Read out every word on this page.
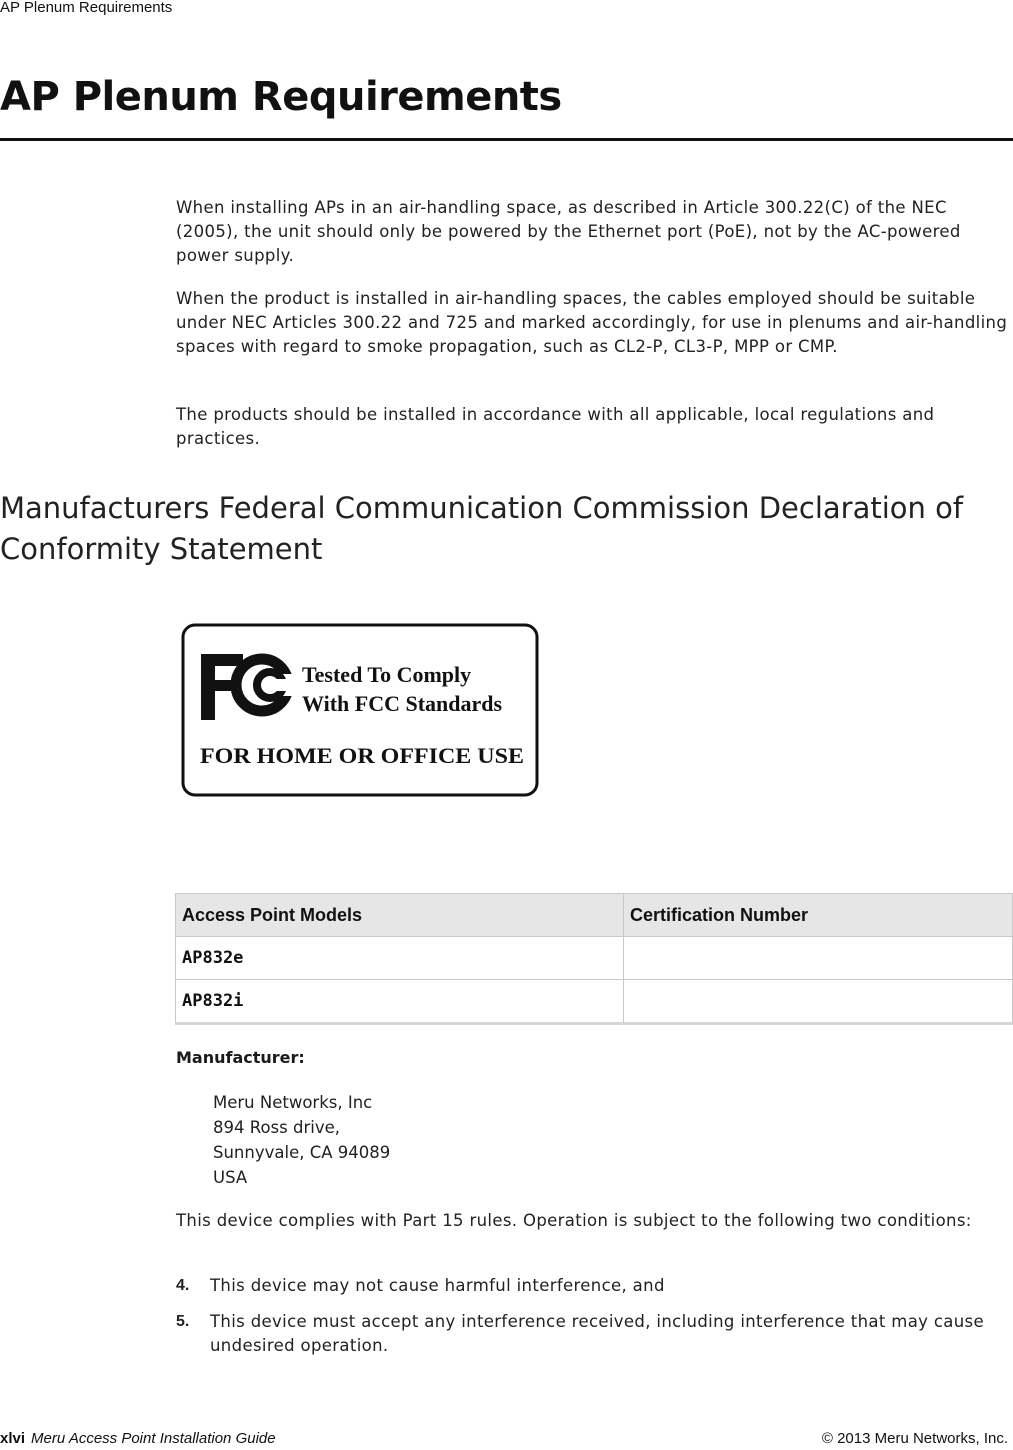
AP Plenum Requirements
AP Plenum Requirements

When installing APs in an air-handling space, as described in Article 300.22(C) of the NEC (2005), the unit should only be powered by the Ethernet port (PoE), not by the AC-powered power supply.

When the product is installed in air-handling spaces, the cables employed should be suitable under NEC Articles 300.22 and 725 and marked accordingly, for use in plenums and air-handling spaces with regard to smoke propagation, such as CL2-P, CL3-P, MPP or CMP.

The products should be installed in accordance with all applicable, local regulations and practices.

Manufacturers Federal Communication Commission Declaration of Conformity Statement
Tested To Comply
With FCC Standards
FOR HOME OR OFFICE USE
Access Point Models	Certification Number
AP832e	
AP832i	
Manufacturer:
Meru Networks, Inc
894 Ross drive,
Sunnyvale, CA 94089
USA

This device complies with Part 15 rules. Operation is subject to the following two conditions:

4. This device may not cause harmful interference, and
5. This device must accept any interference received, including interference that may cause undesired operation.
xlvi Meru Access Point Installation Guide	© 2013 Meru Networks, Inc.
